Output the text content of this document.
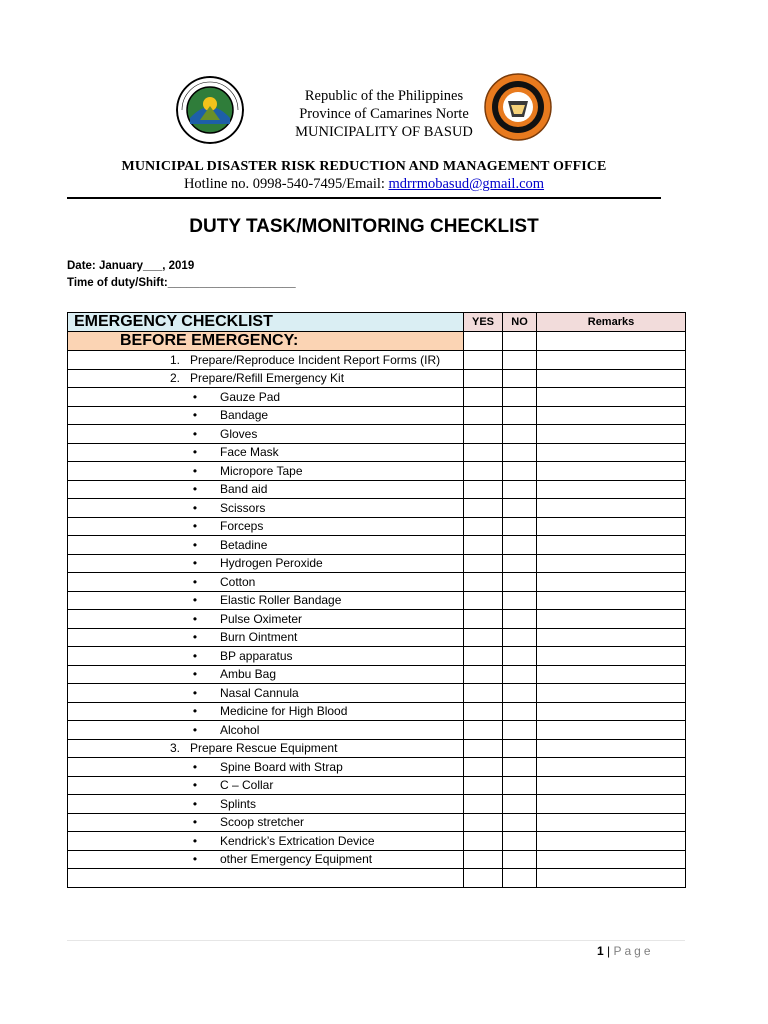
Republic of the Philippines
Province of Camarines Norte
MUNICIPALITY OF BASUD
MUNICIPAL DISASTER RISK REDUCTION AND MANAGEMENT OFFICE
Hotline no. 0998-540-7495/Email: mdrrmobasud@gmail.com
DUTY TASK/MONITORING CHECKLIST
Date: January___, 2019
Time of duty/Shift:____________________
EMERGENCY CHECKLIST	YES	NO	Remarks
BEFORE EMERGENCY:			
1. Prepare/Reproduce Incident Report Forms (IR)			
2. Prepare/Refill Emergency Kit			
• Gauze Pad			
• Bandage			
• Gloves			
• Face Mask			
• Micropore Tape			
• Band aid			
• Scissors			
• Forceps			
• Betadine			
• Hydrogen Peroxide			
• Cotton			
• Elastic Roller Bandage			
• Pulse Oximeter			
• Burn Ointment			
• BP apparatus			
• Ambu Bag			
• Nasal Cannula			
• Medicine for High Blood			
• Alcohol			
3. Prepare Rescue Equipment			
• Spine Board with Strap			
• C – Collar			
• Splints			
• Scoop stretcher			
• Kendrick’s Extrication Device			
• other Emergency Equipment			

1 | Page
